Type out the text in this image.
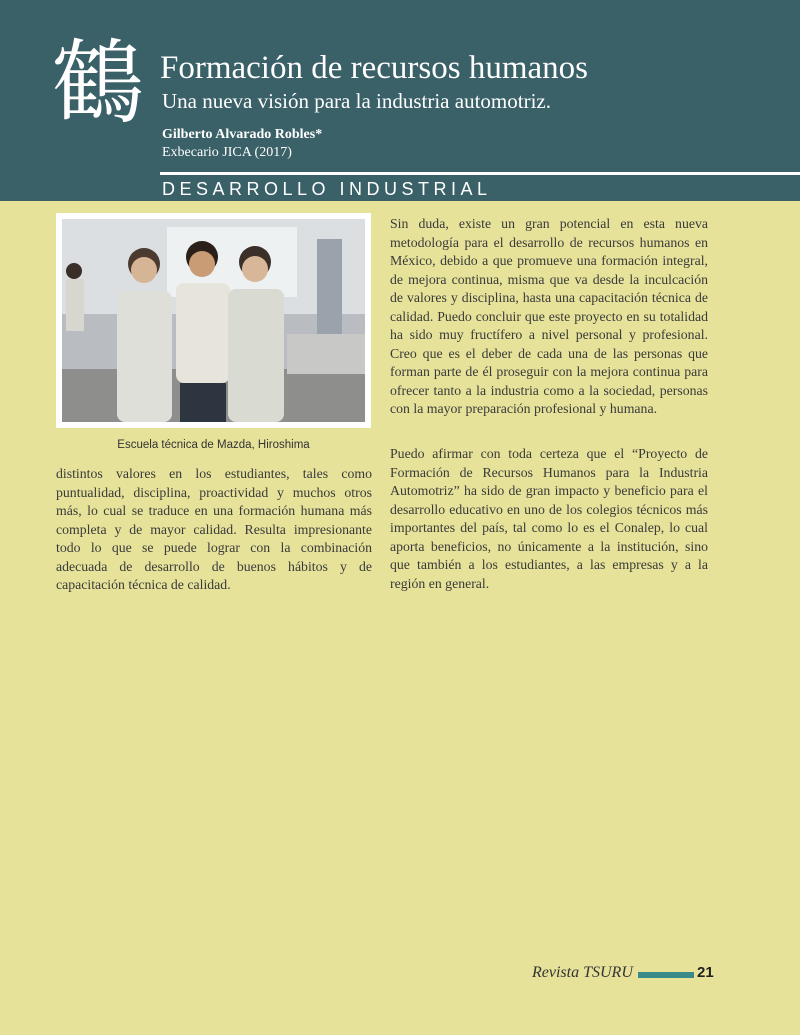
鶴 Formación de recursos humanos
Una nueva visión para la industria automotriz.
Gilberto Alvarado Robles*
Exbecario JICA (2017)
DESARROLLO INDUSTRIAL
Escuela técnica de Mazda, Hiroshima

distintos valores en los estudiantes, tales como puntualidad, disciplina, proactividad y muchos otros más, lo cual se traduce en una formación humana más completa y de mayor calidad. Resulta impresionante todo lo que se puede lograr con la combinación adecuada de desarrollo de buenos hábitos y de capacitación técnica de calidad.

Sin duda, existe un gran potencial en esta nueva metodología para el desarrollo de recursos humanos en México, debido a que promueve una formación integral, de mejora continua, misma que va desde la inculcación de valores y disciplina, hasta una capacitación técnica de calidad. Puedo concluir que este proyecto en su totalidad ha sido muy fructífero a nivel personal y profesional. Creo que es el deber de cada una de las personas que forman parte de él proseguir con la mejora continua para ofrecer tanto a la industria como a la sociedad, personas con la mayor preparación profesional y humana.

Puedo afirmar con toda certeza que el “Proyecto de Formación de Recursos Humanos para la Industria Automotriz” ha sido de gran impacto y beneficio para el desarrollo educativo en uno de los colegios técnicos más importantes del país, tal como lo es el Conalep, lo cual aporta beneficios, no únicamente a la institución, sino que también a los estudiantes, a las empresas y a la región en general.

Revista TSURU	21
